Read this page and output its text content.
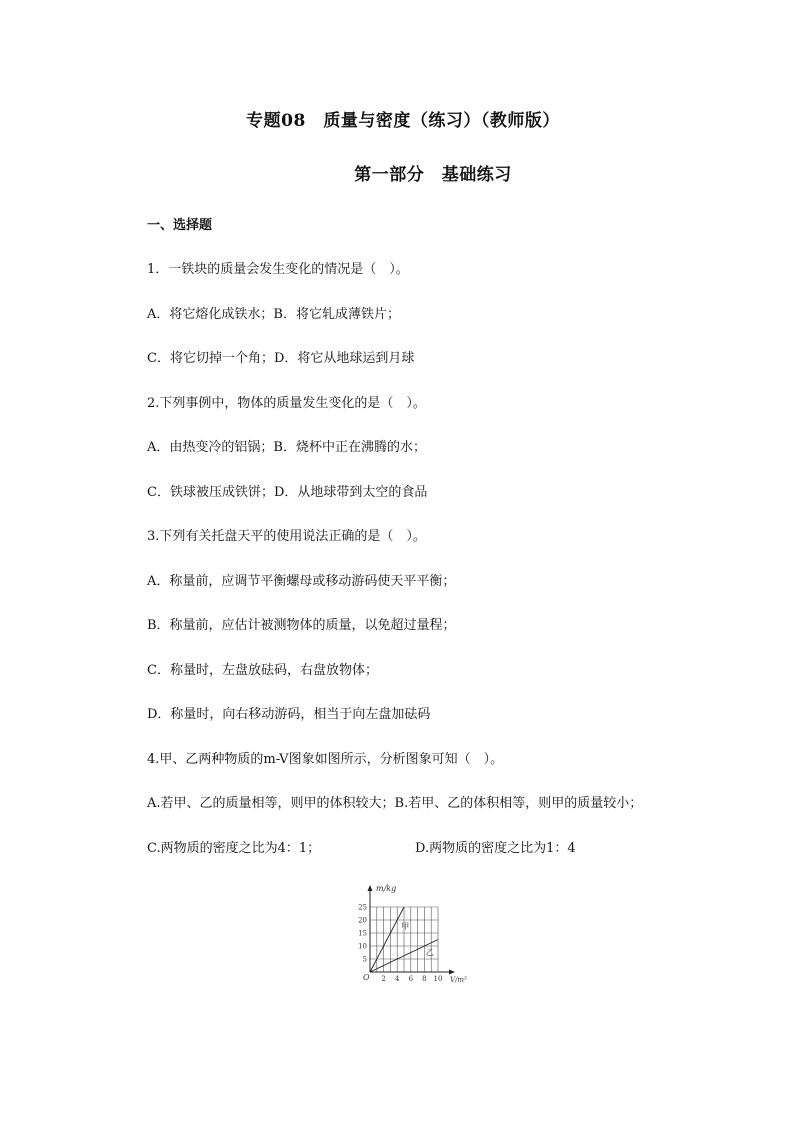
专题08　质量与密度（练习）（教师版）
第一部分　基础练习
一、选择题
1．一铁块的质量会发生变化的情况是（　）。
A．将它熔化成铁水；B．将它轧成薄铁片；
C．将它切掉一个角；D．将它从地球运到月球
2.下列事例中，物体的质量发生变化的是（　）。
A．由热变冷的铝锅；B．烧杯中正在沸腾的水；
C．铁球被压成铁饼；D．从地球带到太空的食品
3.下列有关托盘天平的使用说法正确的是（　）。
A．称量前，应调节平衡螺母或移动游码使天平平衡；
B．称量前，应估计被测物体的质量，以免超过量程；
C．称量时，左盘放砝码，右盘放物体；
D．称量时，向右移动游码，相当于向左盘加砝码
4.甲、乙两种物质的m-V图象如图所示，分析图象可知（　）。
A.若甲、乙的质量相等，则甲的体积较大；B.若甲、乙的体积相等，则甲的质量较小；
C.两物质的密度之比为4：1；	D.两物质的密度之比为1：4
2 4 6 8 10
5
10
15
20
25
甲
乙
m/kg
V/m³
O
